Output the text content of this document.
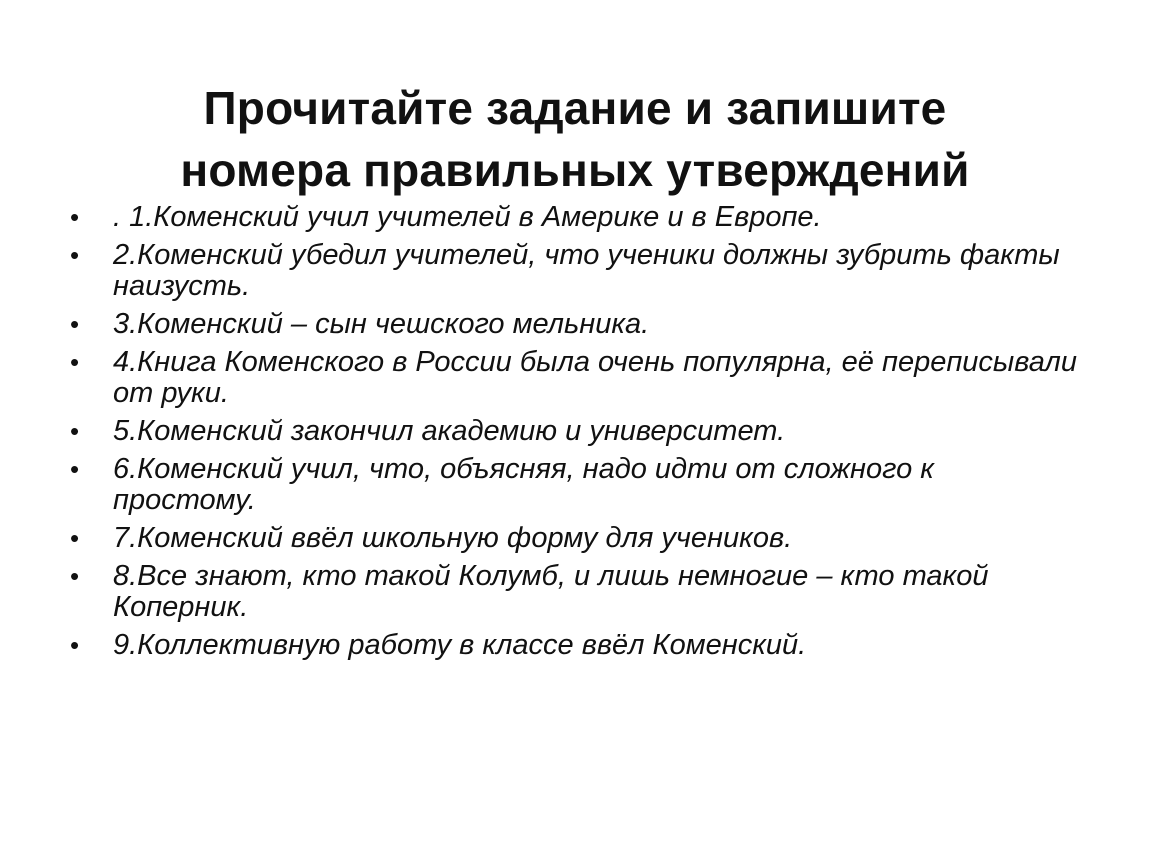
Прочитайте задание и запишите
номера правильных утверждений
• . 1.Коменский учил учителей в Америке и в Европе.
• 2.Коменский убедил учителей, что ученики должны зубрить факты наизусть.
• 3.Коменский – сын чешского мельника.
• 4.Книга Коменского в России была очень популярна, её переписывали от руки.
• 5.Коменский закончил академию и университет.
• 6.Коменский учил, что, объясняя, надо идти от сложного к простому.
• 7.Коменский ввёл школьную форму для учеников.
• 8.Все знают, кто такой Колумб, и лишь немногие – кто такой Коперник.
• 9.Коллективную работу в классе ввёл Коменский.
